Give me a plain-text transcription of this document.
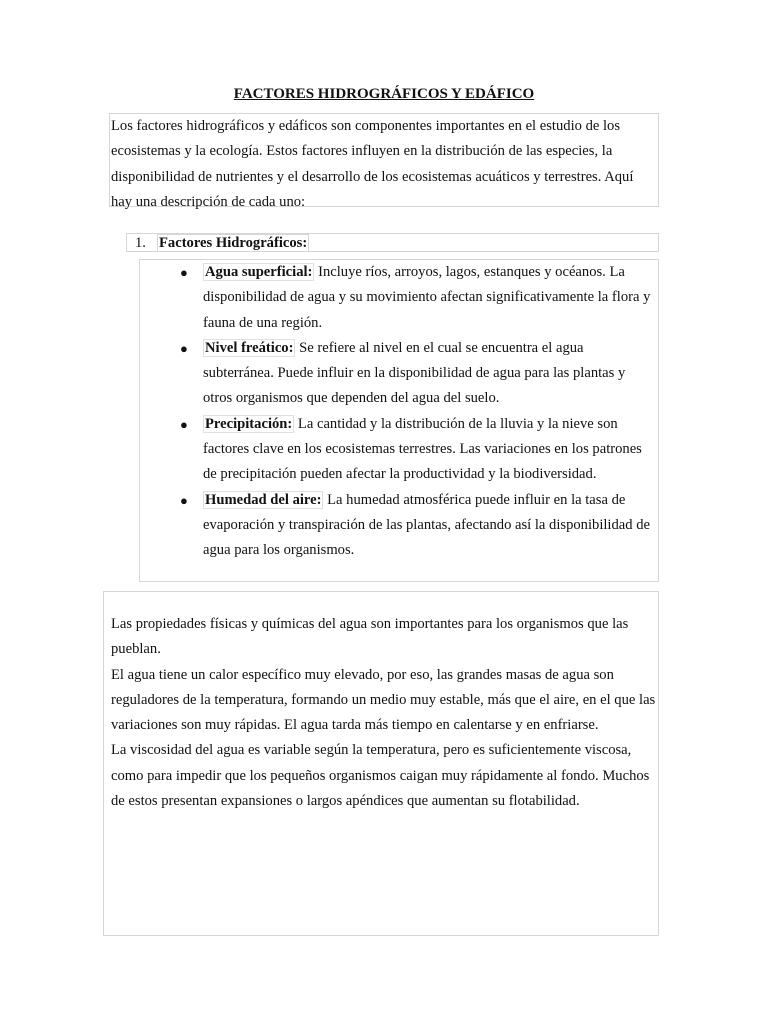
FACTORES HIDROGRÁFICOS Y EDÁFICO
Los factores hidrográficos y edáficos son componentes importantes en el estudio de los ecosistemas y la ecología. Estos factores influyen en la distribución de las especies, la disponibilidad de nutrientes y el desarrollo de los ecosistemas acuáticos y terrestres. Aquí hay una descripción de cada uno:
1. Factores Hidrográficos:
● Agua superficial: Incluye ríos, arroyos, lagos, estanques y océanos. La disponibilidad de agua y su movimiento afectan significativamente la flora y fauna de una región.
● Nivel freático: Se refiere al nivel en el cual se encuentra el agua subterránea. Puede influir en la disponibilidad de agua para las plantas y otros organismos que dependen del agua del suelo.
● Precipitación: La cantidad y la distribución de la lluvia y la nieve son factores clave en los ecosistemas terrestres. Las variaciones en los patrones de precipitación pueden afectar la productividad y la biodiversidad.
● Humedad del aire: La humedad atmosférica puede influir en la tasa de evaporación y transpiración de las plantas, afectando así la disponibilidad de agua para los organismos.

Las propiedades físicas y químicas del agua son importantes para los organismos que las pueblan.

El agua tiene un calor específico muy elevado, por eso, las grandes masas de agua son reguladores de la temperatura, formando un medio muy estable, más que el aire, en el que las variaciones son muy rápidas. El agua tarda más tiempo en calentarse y en enfriarse.

La viscosidad del agua es variable según la temperatura, pero es suficientemente viscosa, como para impedir que los pequeños organismos caigan muy rápidamente al fondo. Muchos de estos presentan expansiones o largos apéndices que aumentan su flotabilidad.
